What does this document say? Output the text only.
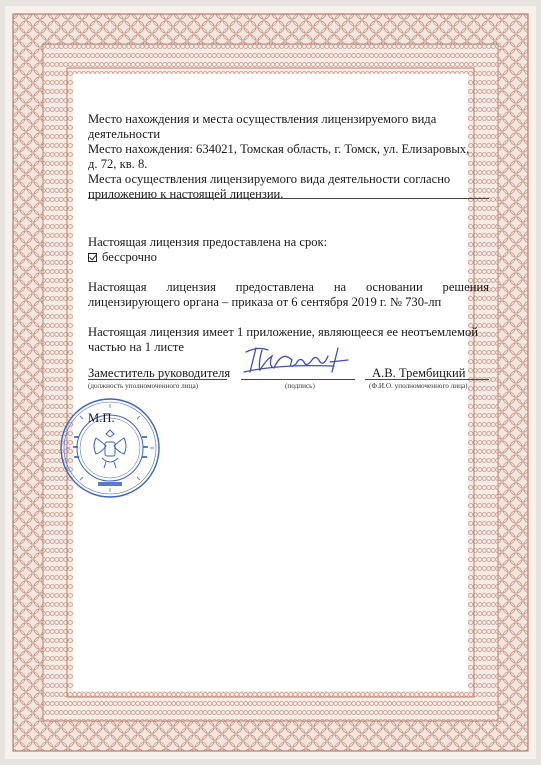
Место нахождения и места осуществления лицензируемого вида
деятельности
Место нахождения: 634021, Томская область, г. Томск, ул. Елизаровых,
д. 72, кв. 8.
Места осуществления лицензируемого вида деятельности согласно
приложению к настоящей лицензии.
Настоящая лицензия предоставлена на срок:
бессрочно
Настоящая лицензия предоставлена на основании решения
лицензирующего органа – приказа от 6 сентября 2019 г. № 730-лп
Настоящая лицензия имеет 1 приложение, являющееся ее неотъемлемой
частью на 1 листе
Заместитель руководителя	А.В. Трембицкий
(должность уполномоченного лица)	(подпись)	(Ф.И.О. уполномоченного лица)
М.П.
